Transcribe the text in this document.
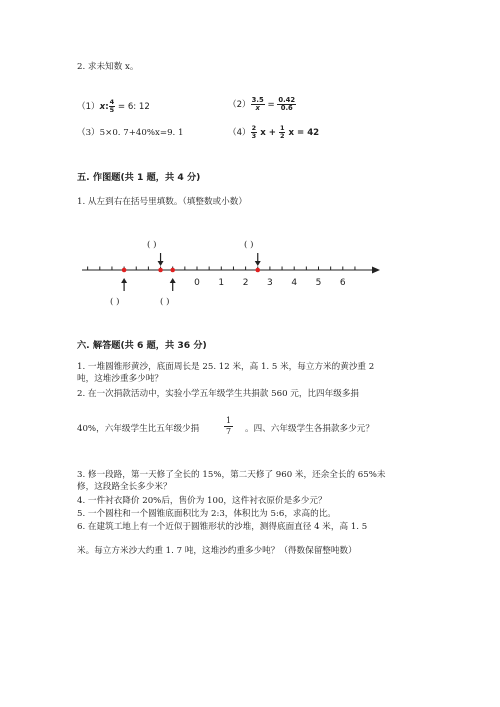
2. 求未知数 x。
（1）x: $\frac{4}{5} = 6$: 12	$(2) \frac{3.5}{x} = \frac{0.42}{0.6}$
（3）5×0. 7+40%x=9. 1	$(4) \frac{2}{3}$ $x + \frac{1}{2}$ x = 42
五. 作图题(共 1 题，共 4 分)
1. 从左到右在括号里填数。（填整数或小数）
( )	( )
( )	( )
0 1 2 3 4 5 6
六. 解答题(共 6 题，共 36 分)
1. 一堆圆锥形黄沙，底面周长是 25. 12 米，高 1. 5 米，每立方米的黄沙重 2
吨，这堆沙重多少吨？
2. 在一次捐款活动中，实验小学五年级学生共捐款 560 元，比四年级多捐
40%，六年级学生比五年级少捐	$\frac{1}{7}$ 。四、六年级学生各捐款多少元？
3. 修一段路，第一天修了全长的 15%，第二天修了 960 米，还余全长的 65%未
修，这段路全长多少米？
4. 一件衬衣降价 20%后，售价为 100，这件衬衣原价是多少元？
5. 一个圆柱和一个圆锥底面积比为 2:3，体积比为 5:6，求高的比。
6. 在建筑工地上有一个近似于圆锥形状的沙堆，测得底面直径 4 米，高 1. 5
米。每立方米沙大约重 1. 7 吨，这堆沙约重多少吨？（得数保留整吨数）
